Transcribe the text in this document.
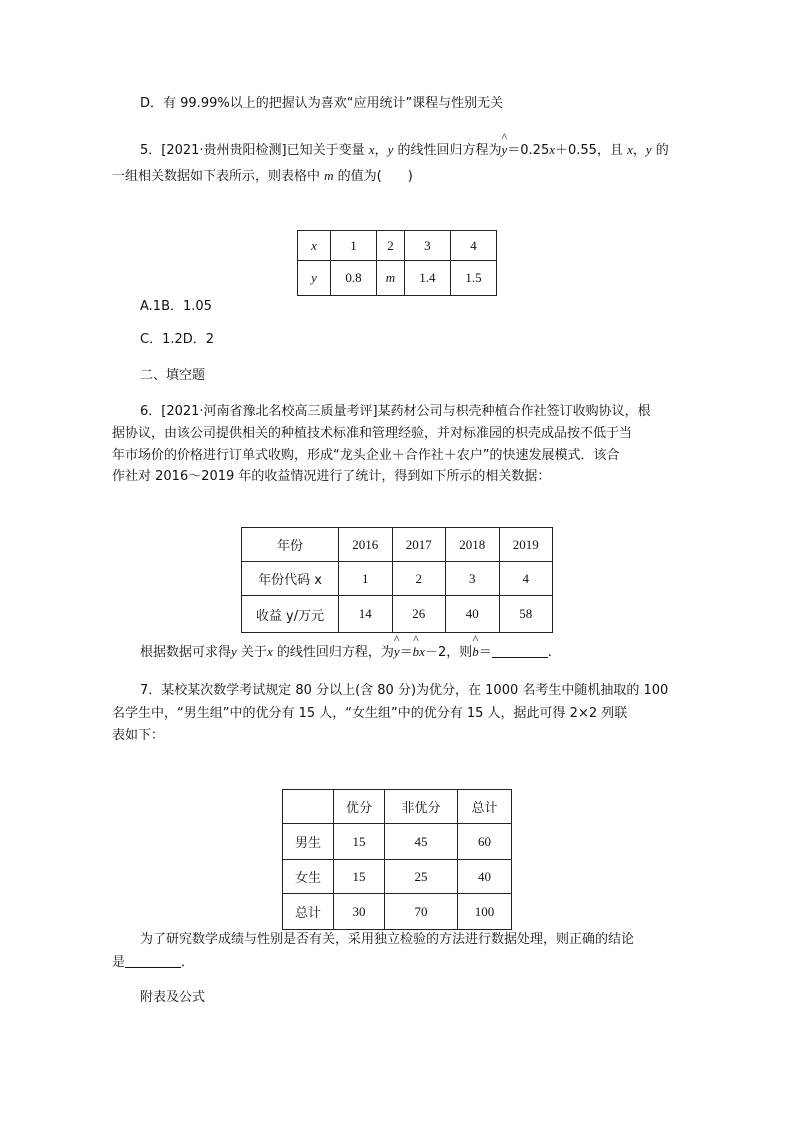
D．有 99.99%以上的把握认为喜欢“应用统计”课程与性别无关
5．[2021·贵州贵阳检测]已知关于变量 x，y 的线性回归方程为^ y＝0.25x＋0.55，且 x，y 的
一组相关数据如下表所示，则表格中 m 的值为(　　)
x	1	2	3	4
y	0.8	m	1.4	1.5
A.1B．1.05
C．1.2D．2
二、填空题
6．[2021·河南省豫北名校高三质量考评]某药材公司与枳壳种植合作社签订收购协议，根
据协议，由该公司提供相关的种植技术标准和管理经验，并对标准园的枳壳成品按不低于当
年市场价的价格进行订单式收购，形成“龙头企业＋合作社＋农户”的快速发展模式．该合
作社对 2016～2019 年的收益情况进行了统计，得到如下所示的相关数据：
年份	2016	2017	2018	2019
年份代码 x	1	2	3	4
收益 y/万元	14	26	40	58
根据数据可求得y 关于x 的线性回归方程，为^ y＝^ bx－2，则^ b＝	.
7．某校某次数学考试规定 80 分以上(含 80 分)为优分，在 1000 名考生中随机抽取的 100
名学生中，“男生组”中的优分有 15 人，“女生组”中的优分有 15 人，据此可得 2×2 列联
表如下：
	优分	非优分	总计
男生	15	45	60
女生	15	25	40
总计	30	70	100
为了研究数学成绩与性别是否有关，采用独立检验的方法进行数据处理，则正确的结论
是	．
附表及公式
